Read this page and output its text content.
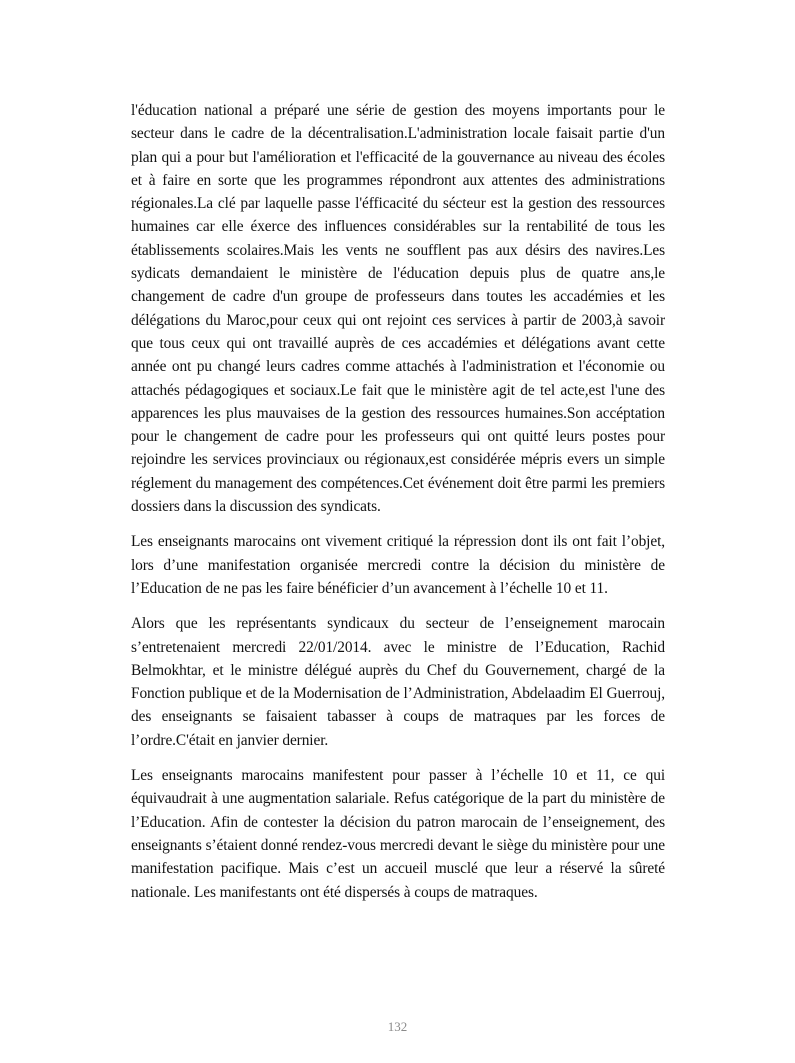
l'éducation national a préparé une série de gestion des moyens importants pour le secteur dans le cadre de la décentralisation.L'administration locale faisait partie d'un plan qui a pour but l'amélioration et l'efficacité de la gouvernance au niveau des écoles et à faire en sorte que les programmes répondront aux attentes des administrations régionales.La clé par laquelle passe l'éfficacité du sécteur est la gestion des ressources humaines car elle éxerce des influences considérables sur la rentabilité de tous les établissements scolaires.Mais les vents ne soufflent pas aux désirs des navires.Les sydicats demandaient le ministère de l'éducation depuis plus de quatre ans,le changement de cadre d'un groupe de professeurs dans toutes les accadémies et les délégations du Maroc,pour ceux qui ont rejoint ces services à partir de 2003,à savoir que tous ceux qui ont travaillé auprès de ces accadémies et délégations avant cette année ont pu changé leurs cadres comme attachés à l'administration et l'économie ou attachés pédagogiques et sociaux.Le fait que le ministère agit de tel acte,est l'une des apparences les plus mauvaises de la gestion des ressources humaines.Son accéptation pour le changement de cadre pour les professeurs qui ont quitté leurs postes pour rejoindre les services provinciaux ou régionaux,est considérée mépris evers un simple réglement du management des compétences.Cet événement doit être parmi les premiers dossiers dans la discussion des syndicats.

Les enseignants marocains ont vivement critiqué la répression dont ils ont fait l’objet, lors d’une manifestation organisée mercredi contre la décision du ministère de l’Education de ne pas les faire bénéficier d’un avancement à l’échelle 10 et 11.

Alors que les représentants syndicaux du secteur de l’enseignement marocain s’entretenaient mercredi 22/01/2014. avec le ministre de l’Education, Rachid Belmokhtar, et le ministre délégué auprès du Chef du Gouvernement, chargé de la Fonction publique et de la Modernisation de l’Administration, Abdelaadim El Guerrouj, des enseignants se faisaient tabasser à coups de matraques par les forces de l’ordre.C'était en janvier dernier.

Les enseignants marocains manifestent pour passer à l’échelle 10 et 11, ce qui équivaudrait à une augmentation salariale. Refus catégorique de la part du ministère de l’Education. Afin de contester la décision du patron marocain de l’enseignement, des enseignants s’étaient donné rendez-vous mercredi devant le siège du ministère pour une manifestation pacifique. Mais c’est un accueil musclé que leur a réservé la sûreté nationale. Les manifestants ont été dispersés à coups de matraques.

132
